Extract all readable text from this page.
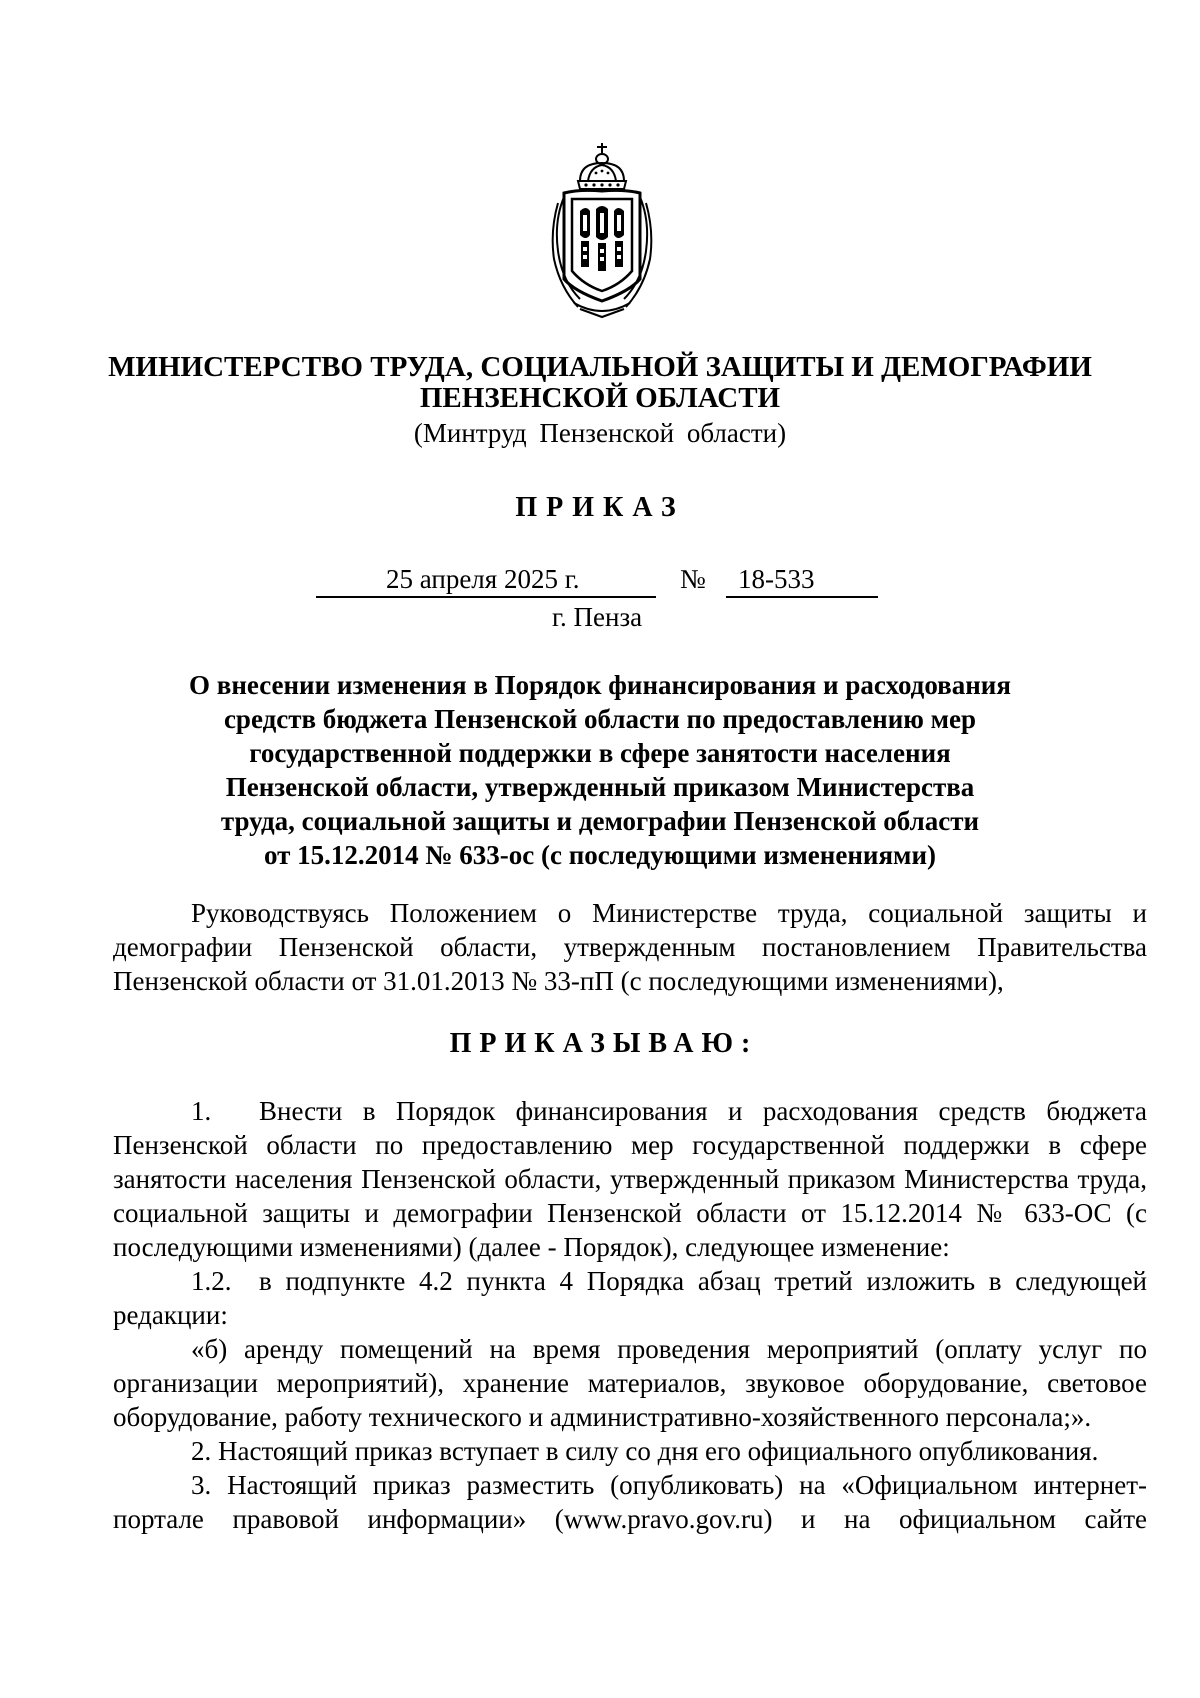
МИНИСТЕРСТВО ТРУДА, СОЦИАЛЬНОЙ ЗАЩИТЫ И ДЕМОГРАФИИ
ПЕНЗЕНСКОЙ ОБЛАСТИ
(Минтруд Пензенской области)
ПРИКАЗ
25 апреля 2025 г.	№ 18-533
г. Пенза
О внесении изменения в Порядок финансирования и расходования
средств бюджета Пензенской области по предоставлению мер
государственной поддержки в сфере занятости населения
Пензенской области, утвержденный приказом Министерства
труда, социальной защиты и демографии Пензенской области
от 15.12.2014 № 633-ос (с последующими изменениями)
Руководствуясь Положением о Министерстве труда, социальной защиты и демографии Пензенской области, утвержденным постановлением Правительства Пензенской области от 31.01.2013 № 33-пП (с последующими изменениями),
ПРИКАЗЫВАЮ:

1. Внести в Порядок финансирования и расходования средств бюджета Пензенской области по предоставлению мер государственной поддержки в сфере занятости населения Пензенской области, утвержденный приказом Министерства труда, социальной защиты и демографии Пензенской области от 15.12.2014 № 633-ОС (с последующими изменениями) (далее - Порядок), следующее изменение:

1.2. в подпункте 4.2 пункта 4 Порядка абзац третий изложить в следующей редакции:

«б) аренду помещений на время проведения мероприятий (оплату услуг по организации мероприятий), хранение материалов, звуковое оборудование, световое оборудование, работу технического и административно-хозяйственного персонала;».

2. Настоящий приказ вступает в силу со дня его официального опубликования.

3. Настоящий приказ разместить (опубликовать) на «Официальном интернет-портале правовой информации» (www.pravo.gov.ru) и на официальном сайте
